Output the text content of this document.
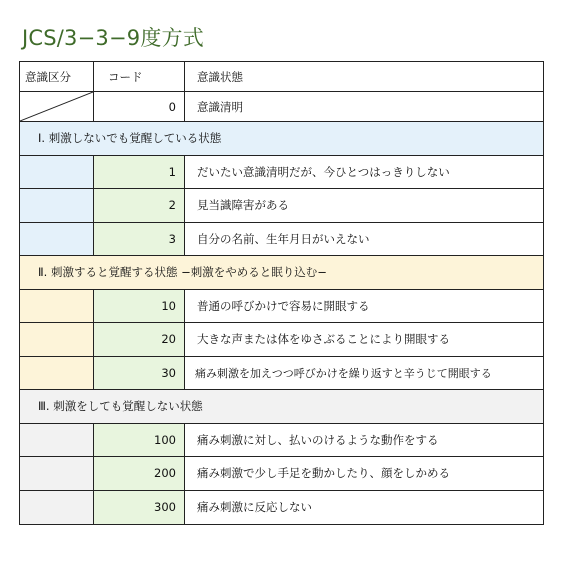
JCS/3−3−9度方式
意識区分	コード	意識状態
0	意識清明
Ⅰ. 刺激しないでも覚醒している状態
1	だいたい意識清明だが、今ひとつはっきりしない
2	見当識障害がある
3	自分の名前、生年月日がいえない
Ⅱ. 刺激すると覚醒する状態 −刺激をやめると眠り込む−
10	普通の呼びかけで容易に開眼する
20	大きな声または体をゆさぶることにより開眼する
30	痛み刺激を加えつつ呼びかけを繰り返すと辛うじて開眼する
Ⅲ. 刺激をしても覚醒しない状態
100	痛み刺激に対し、払いのけるような動作をする
200	痛み刺激で少し手足を動かしたり、顔をしかめる
300	痛み刺激に反応しない
